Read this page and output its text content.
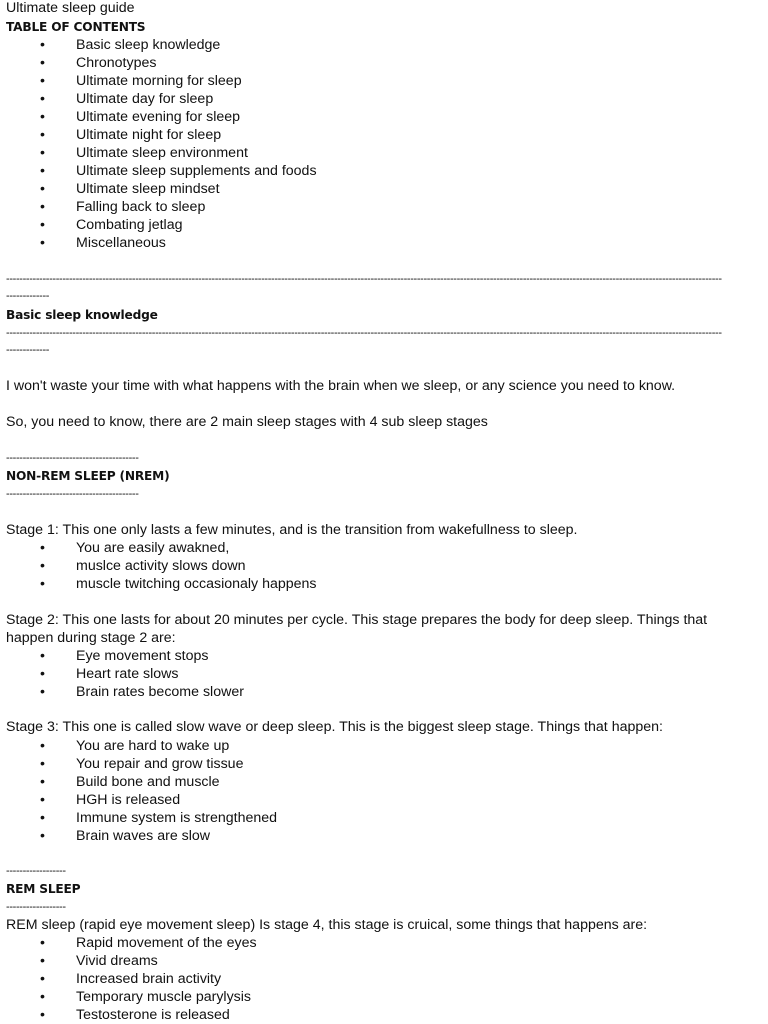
Ultimate sleep guide
TABLE OF CONTENTS
• Basic sleep knowledge
• Chronotypes
• Ultimate morning for sleep
• Ultimate day for sleep
• Ultimate evening for sleep
• Ultimate night for sleep
• Ultimate sleep environment
• Ultimate sleep supplements and foods
• Ultimate sleep mindset
• Falling back to sleep
• Combating jetlag
• Miscellaneous
------------------------------------------------------------------------------------------------------------------------------------------------------------------------------------------------------------------------
-------------
Basic sleep knowledge
------------------------------------------------------------------------------------------------------------------------------------------------------------------------------------------------------------------------
-------------
I won't waste your time with what happens with the brain when we sleep, or any science you need to know.
So, you need to know, there are 2 main sleep stages with 4 sub sleep stages
----------------------------------------
NON-REM SLEEP (NREM)
----------------------------------------
Stage 1: This one only lasts a few minutes, and is the transition from wakefullness to sleep.
• You are easily awakned,
• muslce activity slows down
• muscle twitching occasionaly happens
Stage 2: This one lasts for about 20 minutes per cycle. This stage prepares the body for deep sleep. Things that
happen during stage 2 are:
• Eye movement stops
• Heart rate slows
• Brain rates become slower
Stage 3: This one is called slow wave or deep sleep. This is the biggest sleep stage. Things that happen:
• You are hard to wake up
• You repair and grow tissue
• Build bone and muscle
• HGH is released
• Immune system is strengthened
• Brain waves are slow
------------------
REM SLEEP
------------------
REM sleep (rapid eye movement sleep) Is stage 4, this stage is cruical, some things that happens are:
• Rapid movement of the eyes
• Vivid dreams
• Increased brain activity
• Temporary muscle parylysis
• Testosterone is released
